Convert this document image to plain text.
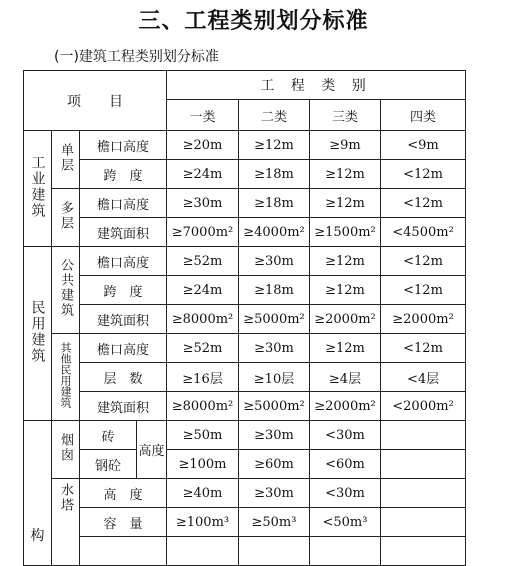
三、工程类别划分标准
(一)建筑工程类别划分标准
项　　目				工 程 类 别			
				一类	二类	三类	四类
工业建筑	单层	檐口高度		≥20m	≥12m	≥9m	<9m
		跨　度		≥24m	≥18m	≥12m	<12m
	多层	檐口高度		≥30m	≥18m	≥12m	<12m
		建筑面积		≥7000m²	≥4000m²	≥1500m²	<4500m²
民用建筑	公共建筑	檐口高度		≥52m	≥30m	≥12m	<12m
		跨　度		≥24m	≥18m	≥12m	<12m
		建筑面积		≥8000m²	≥5000m²	≥2000m²	≥2000m²
	其他民用建筑	檐口高度		≥52m	≥30m	≥12m	<12m
		层　数		≥16层	≥10层	≥4层	<4层
		建筑面积		≥8000m²	≥5000m²	≥2000m²	<2000m²
构	烟囱	砖	高度	≥50m	≥30m	<30m	
		钢砼		≥100m	≥60m	<60m	
	水塔	高　度		≥40m	≥30m	<30m	
		容　量		≥100m³	≥50m³	<50m³	
